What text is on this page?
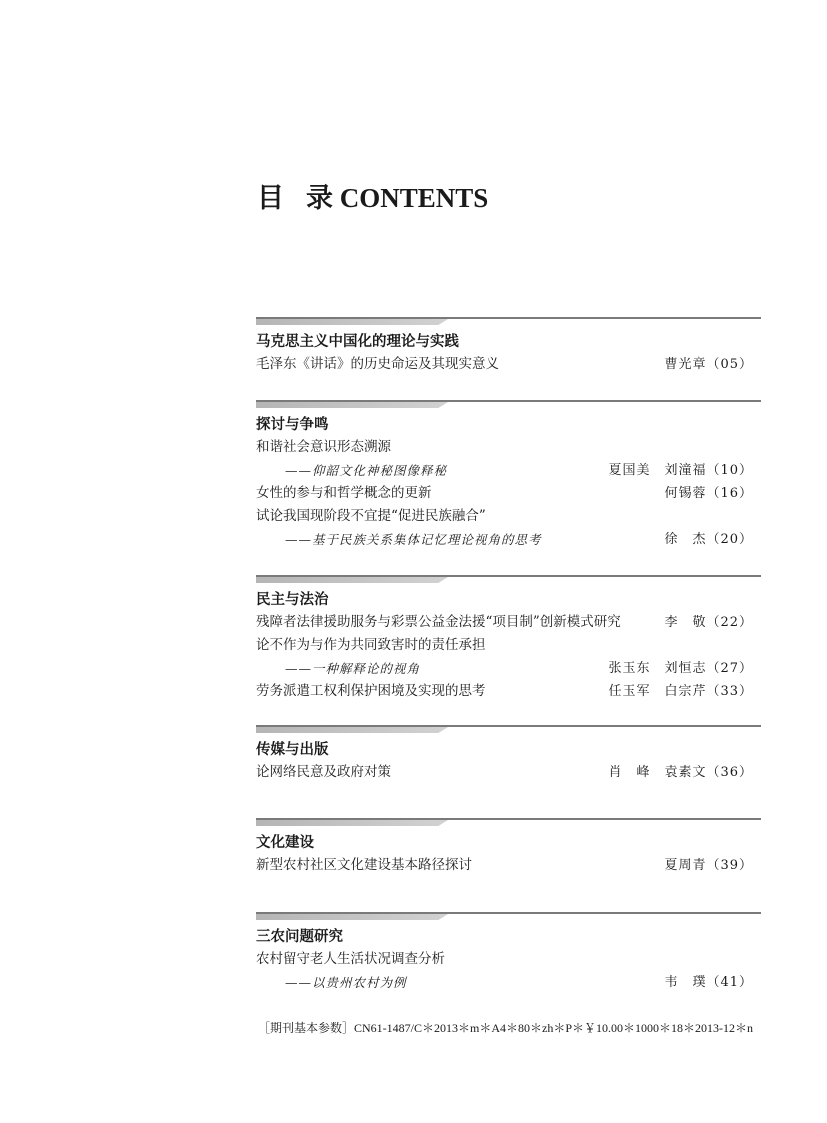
目 录 CONTENTS
马克思主义中国化的理论与实践
毛泽东《讲话》的历史命运及其现实意义	曹光章（05）
探讨与争鸣
和谐社会意识形态溯源
——仰韶文化神秘图像释秘	夏国美　刘潼福（10）
女性的参与和哲学概念的更新	何锡蓉（16）
试论我国现阶段不宜提“促进民族融合”
——基于民族关系集体记忆理论视角的思考	徐　杰（20）
民主与法治
残障者法律援助服务与彩票公益金法援“项目制”创新模式研究	李　敬（22）
论不作为与作为共同致害时的责任承担
——一种解释论的视角	张玉东　刘恒志（27）
劳务派遣工权利保护困境及实现的思考	任玉军　白宗芹（33）
传媒与出版
论网络民意及政府对策	肖　峰　袁素文（36）
文化建设
新型农村社区文化建设基本路径探讨	夏周青（39）
三农问题研究
农村留守老人生活状况调查分析
——以贵州农村为例	韦　璞（41）
［期刊基本参数］CN61-1487/C＊2013＊m＊A4＊80＊zh＊P＊￥10.00＊1000＊18＊2013-12＊n
